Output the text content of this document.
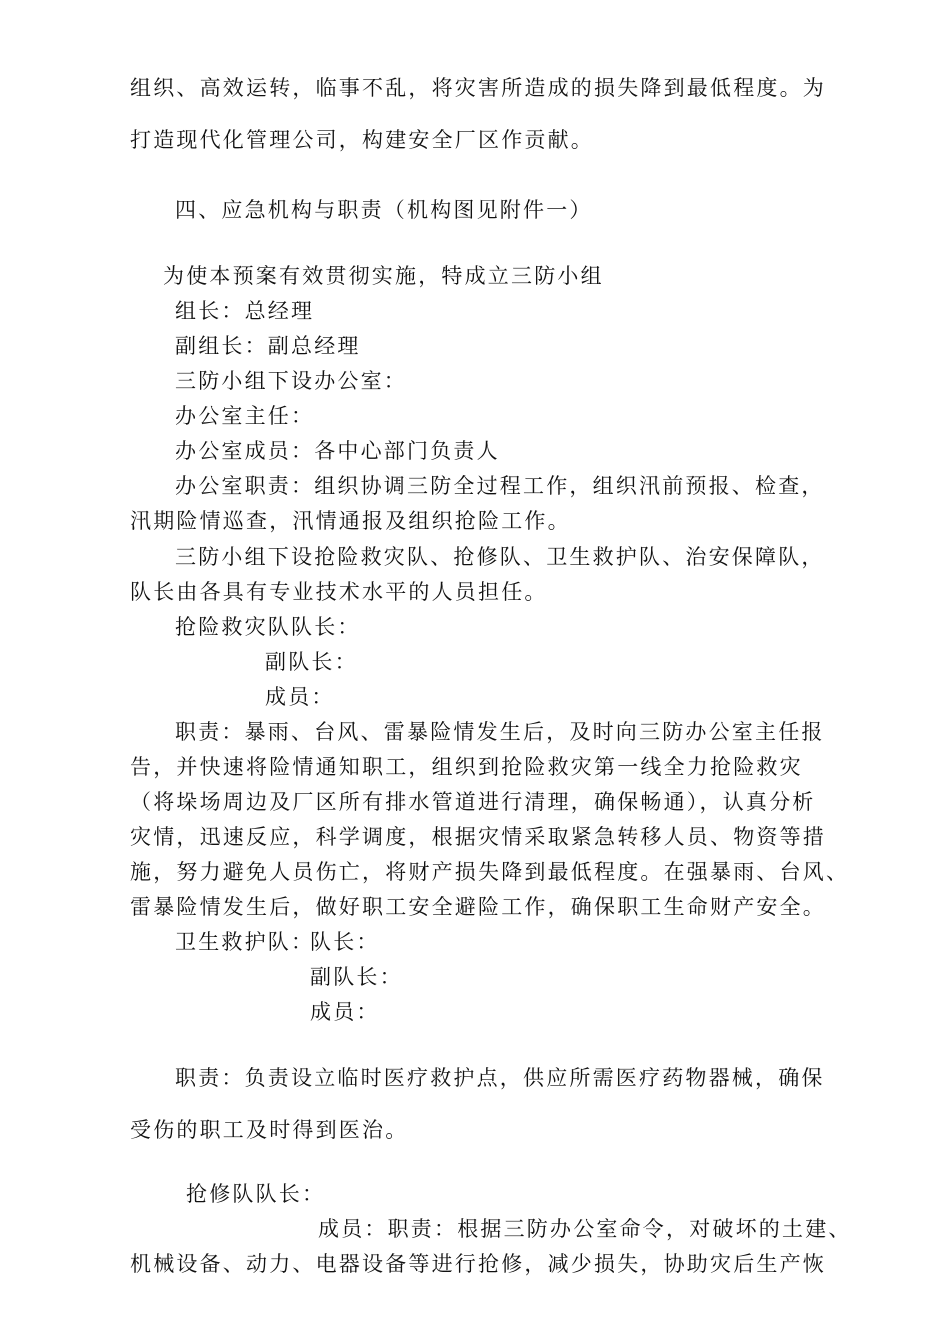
组织、高效运转，临事不乱，将灾害所造成的损失降到最低程度。为
打造现代化管理公司，构建安全厂区作贡献。
四、应急机构与职责（机构图见附件一）
为使本预案有效贯彻实施，特成立三防小组
组长：总经理
副组长：副总经理
三防小组下设办公室：
办公室主任：
办公室成员：各中心部门负责人
办公室职责：组织协调三防全过程工作，组织汛前预报、检查，
汛期险情巡查，汛情通报及组织抢险工作。
三防小组下设抢险救灾队、抢修队、卫生救护队、治安保障队，
队长由各具有专业技术水平的人员担任。
抢险救灾队队长：
副队长：
成员：
职责：暴雨、台风、雷暴险情发生后，及时向三防办公室主任报
告，并快速将险情通知职工，组织到抢险救灾第一线全力抢险救灾
（将垛场周边及厂区所有排水管道进行清理，确保畅通），认真分析
灾情，迅速反应，科学调度，根据灾情采取紧急转移人员、物资等措
施，努力避免人员伤亡，将财产损失降到最低程度。在强暴雨、台风、
雷暴险情发生后，做好职工安全避险工作，确保职工生命财产安全。
卫生救护队：
队长：
副队长：
成员：
职责：负责设立临时医疗救护点，供应所需医疗药物器械，确保
受伤的职工及时得到医治。
抢修队队长：
成员：职责：根据三防办公室命令，对破坏的土建、
机械设备、动力、电器设备等进行抢修，减少损失，协助灾后生产恢
